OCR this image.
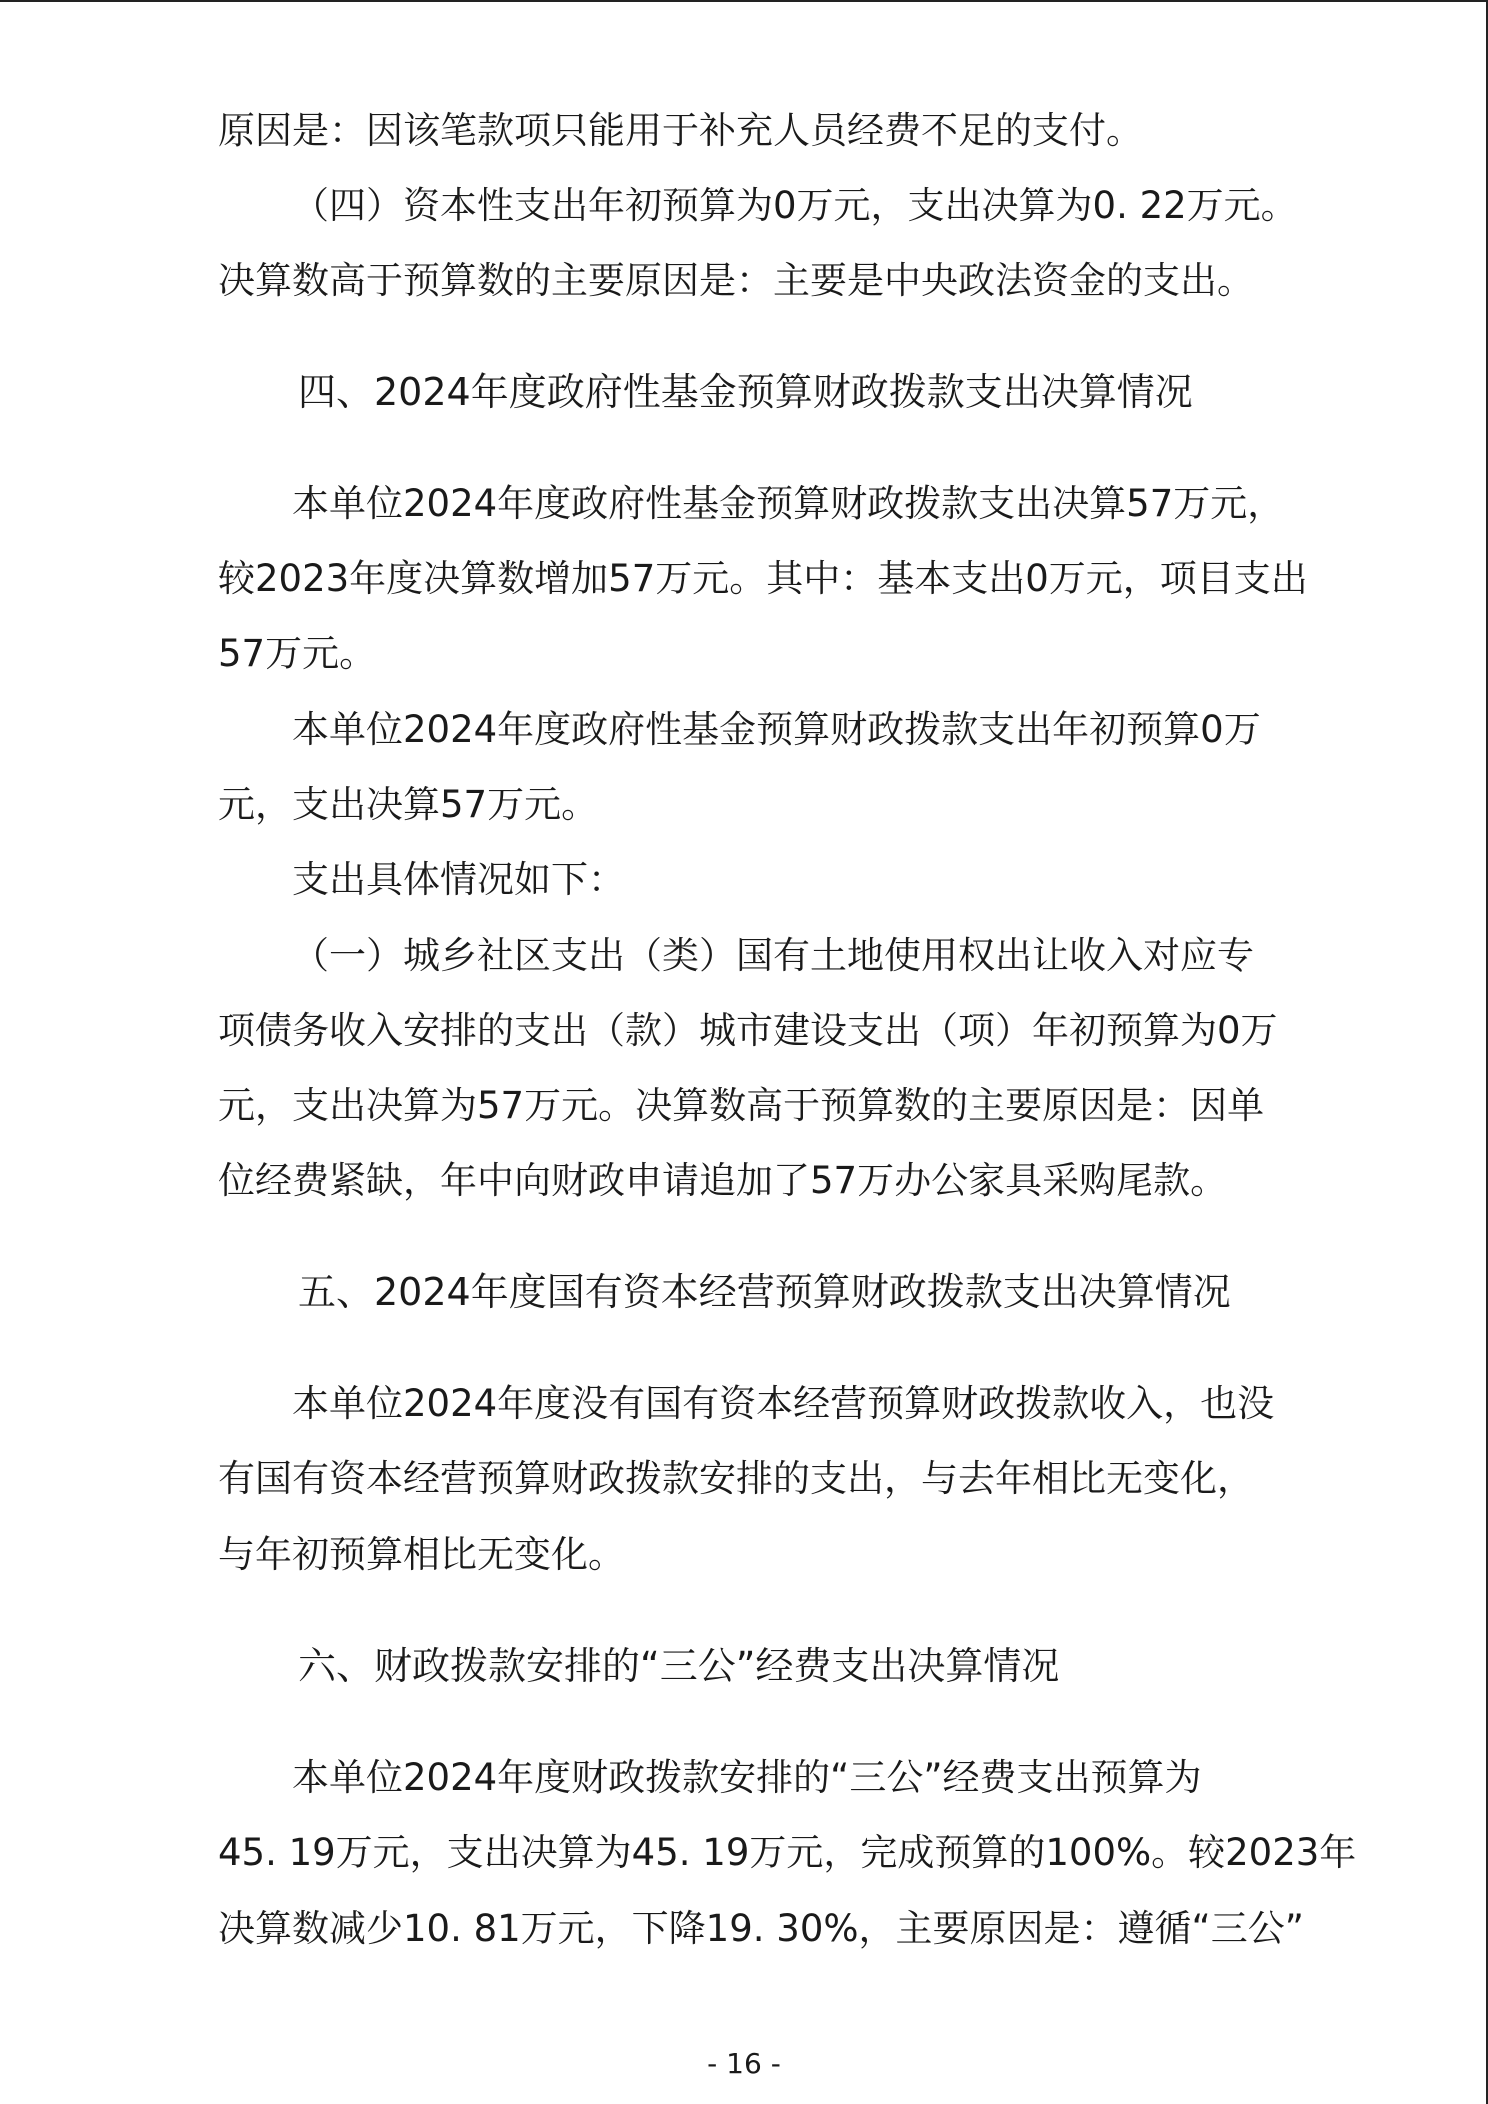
原因是：因该笔款项只能用于补充人员经费不足的支付。
（四）资本性支出年初预算为0万元，支出决算为0. 22万元。
决算数高于预算数的主要原因是：主要是中央政法资金的支出。
四、2024年度政府性基金预算财政拨款支出决算情况
本单位2024年度政府性基金预算财政拨款支出决算57万元，
较2023年度决算数增加57万元。其中：基本支出0万元，项目支出
57万元。
本单位2024年度政府性基金预算财政拨款支出年初预算0万
元，支出决算57万元。
支出具体情况如下：
（一）城乡社区支出（类）国有土地使用权出让收入对应专
项债务收入安排的支出（款）城市建设支出（项）年初预算为0万
元，支出决算为57万元。决算数高于预算数的主要原因是：因单
位经费紧缺，年中向财政申请追加了57万办公家具采购尾款。
五、2024年度国有资本经营预算财政拨款支出决算情况
本单位2024年度没有国有资本经营预算财政拨款收入，也没
有国有资本经营预算财政拨款安排的支出，与去年相比无变化，
与年初预算相比无变化。
六、财政拨款安排的“三公”经费支出决算情况
本单位2024年度财政拨款安排的“三公”经费支出预算为
45. 19万元，支出决算为45. 19万元，完成预算的100%。较2023年
决算数减少10. 81万元，下降19. 30%，主要原因是：遵循“三公”
- 16 -
